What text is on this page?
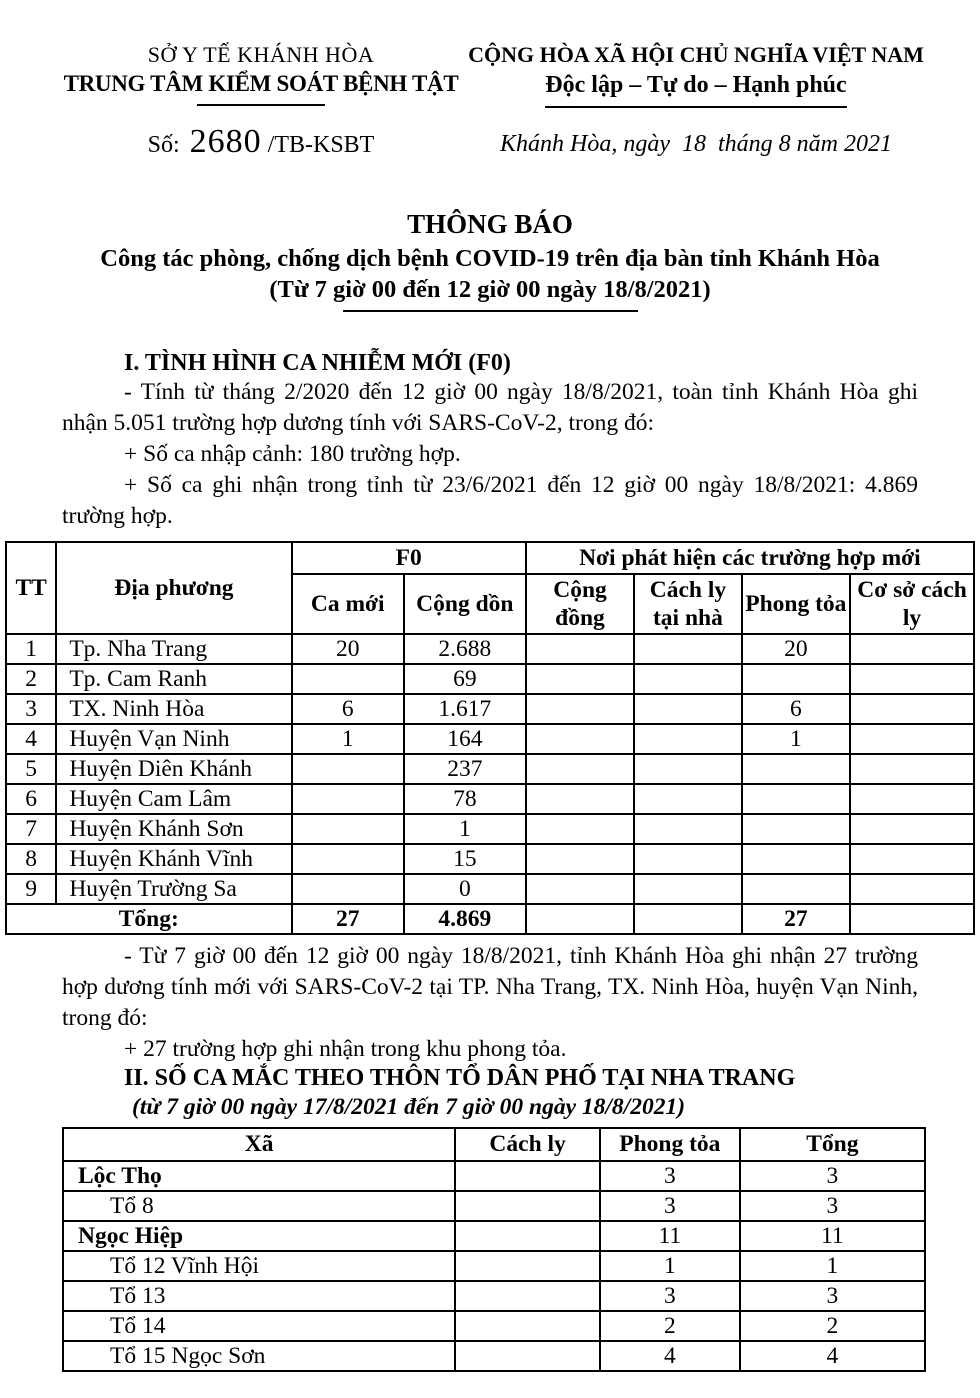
SỞ Y TẾ KHÁNH HÒA
TRUNG TÂM KIỂM SOÁT BỆNH TẬT
Số: 2680 /TB-KSBT
CỘNG HÒA XÃ HỘI CHỦ NGHĨA VIỆT NAM
Độc lập – Tự do – Hạnh phúc
Khánh Hòa, ngày  18  tháng 8 năm 2021
THÔNG BÁO
Công tác phòng, chống dịch bệnh COVID-19 trên địa bàn tỉnh Khánh Hòa
(Từ 7 giờ 00 đến 12 giờ 00 ngày 18/8/2021)

I. TÌNH HÌNH CA NHIỄM MỚI (F0)

- Tính từ tháng 2/2020 đến 12 giờ 00 ngày 18/8/2021, toàn tỉnh Khánh Hòa ghi nhận 5.051 trường hợp dương tính với SARS-CoV-2, trong đó:

+ Số ca nhập cảnh: 180 trường hợp.

+ Số ca ghi nhận trong tỉnh từ 23/6/2021 đến 12 giờ 00 ngày 18/8/2021: 4.869 trường hợp.

TT	Địa phương	F0		Nơi phát hiện các trường hợp mới			
		Ca mới	Cộng dồn	Cộng đồng	Cách ly tại nhà	Phong tỏa	Cơ sở cách ly
1	Tp. Nha Trang	20	2.688			20	
2	Tp. Cam Ranh		69				
3	TX. Ninh Hòa	6	1.617			6	
4	Huyện Vạn Ninh	1	164			1	
5	Huyện Diên Khánh		237				
6	Huyện Cam Lâm		78				
7	Huyện Khánh Sơn		1				
8	Huyện Khánh Vĩnh		15				
9	Huyện Trường Sa		0				
Tổng:		27	4.869			27	

- Từ 7 giờ 00 đến 12 giờ 00 ngày 18/8/2021, tỉnh Khánh Hòa ghi nhận 27 trường hợp dương tính mới với SARS-CoV-2 tại TP. Nha Trang, TX. Ninh Hòa, huyện Vạn Ninh, trong đó:

+ 27 trường hợp ghi nhận trong khu phong tỏa.

II. SỐ CA MẮC THEO THÔN TỔ DÂN PHỐ TẠI NHA TRANG

(từ 7 giờ 00 ngày 17/8/2021 đến 7 giờ 00 ngày 18/8/2021)

Xã	Cách ly	Phong tỏa	Tổng
Lộc Thọ		3	3
Tổ 8		3	3
Ngọc Hiệp		11	11
Tổ 12 Vĩnh Hội		1	1
Tổ 13		3	3
Tổ 14		2	2
Tổ 15 Ngọc Sơn		4	4
